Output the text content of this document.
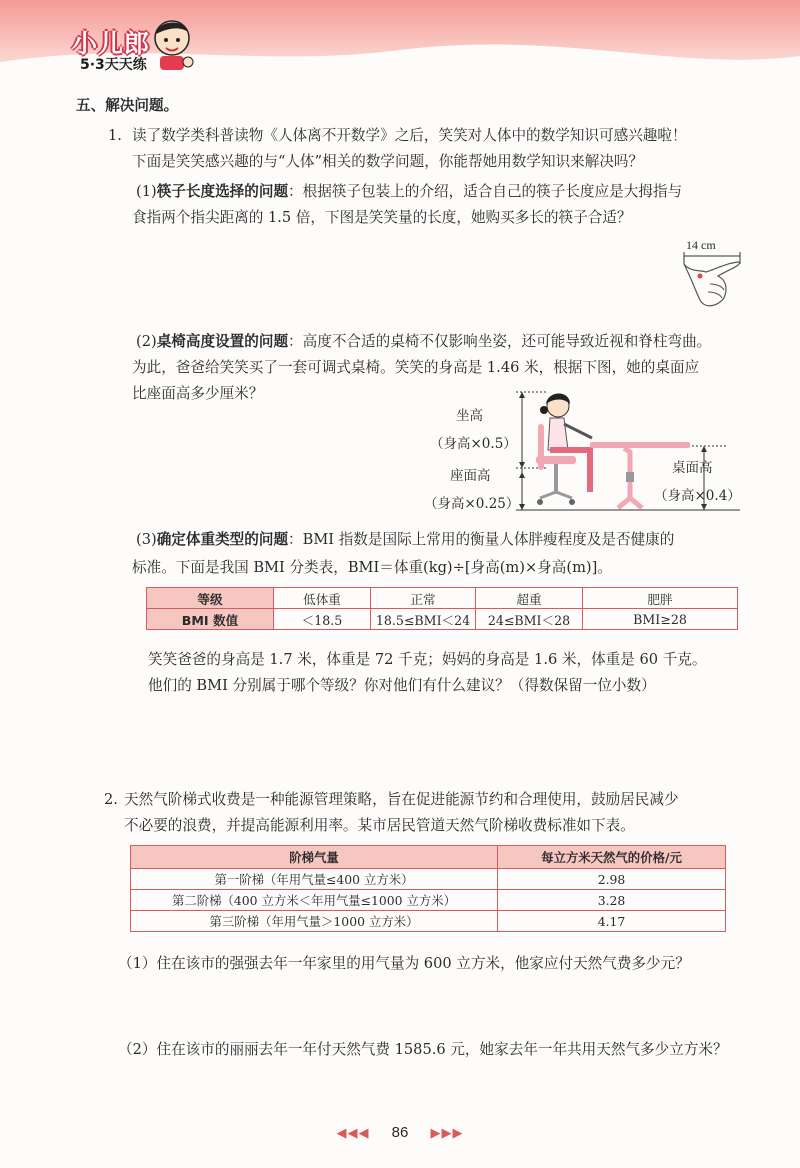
小儿郎
5·3天天练
五、解决问题。
1. 读了数学类科普读物《人体离不开数学》之后，笑笑对人体中的数学知识可感兴趣啦！
下面是笑笑感兴趣的与“人体”相关的数学问题，你能帮她用数学知识来解决吗？
(1)筷子长度选择的问题：根据筷子包装上的介绍，适合自己的筷子长度应是大拇指与
食指两个指尖距离的 1.5 倍，下图是笑笑量的长度，她购买多长的筷子合适？
14 cm
(2)桌椅高度设置的问题：高度不合适的桌椅不仅影响坐姿，还可能导致近视和脊柱弯曲。
为此，爸爸给笑笑买了一套可调式桌椅。笑笑的身高是 1.46 米，根据下图，她的桌面应
比座面高多少厘米？
坐高
（身高×0.5）
座面高
（身高×0.25）
桌面高
（身高×0.4）
(3)确定体重类型的问题：BMI 指数是国际上常用的衡量人体胖瘦程度及是否健康的
标准。下面是我国 BMI 分类表，BMI＝体重(kg)÷[身高(m)×身高(m)]。
等级	低体重	正常	超重	肥胖
BMI 数值	＜18.5	18.5≤BMI＜24	24≤BMI＜28	BMI≥28
笑笑爸爸的身高是 1.7 米，体重是 72 千克；妈妈的身高是 1.6 米，体重是 60 千克。
他们的 BMI 分别属于哪个等级？你对他们有什么建议？（得数保留一位小数）
2. 天然气阶梯式收费是一种能源管理策略，旨在促进能源节约和合理使用，鼓励居民减少
不必要的浪费，并提高能源利用率。某市居民管道天然气阶梯收费标准如下表。
阶梯气量	每立方米天然气的价格/元
第一阶梯（年用气量≤400 立方米）	2.98
第二阶梯（400 立方米＜年用气量≤1000 立方米）	3.28
第三阶梯（年用气量＞1000 立方米）	4.17
（1）住在该市的强强去年一年家里的用气量为 600 立方米，他家应付天然气费多少元？
（2）住在该市的丽丽去年一年付天然气费 1585.6 元，她家去年一年共用天然气多少立方米？
◀◀◀ 86 ▶▶▶
